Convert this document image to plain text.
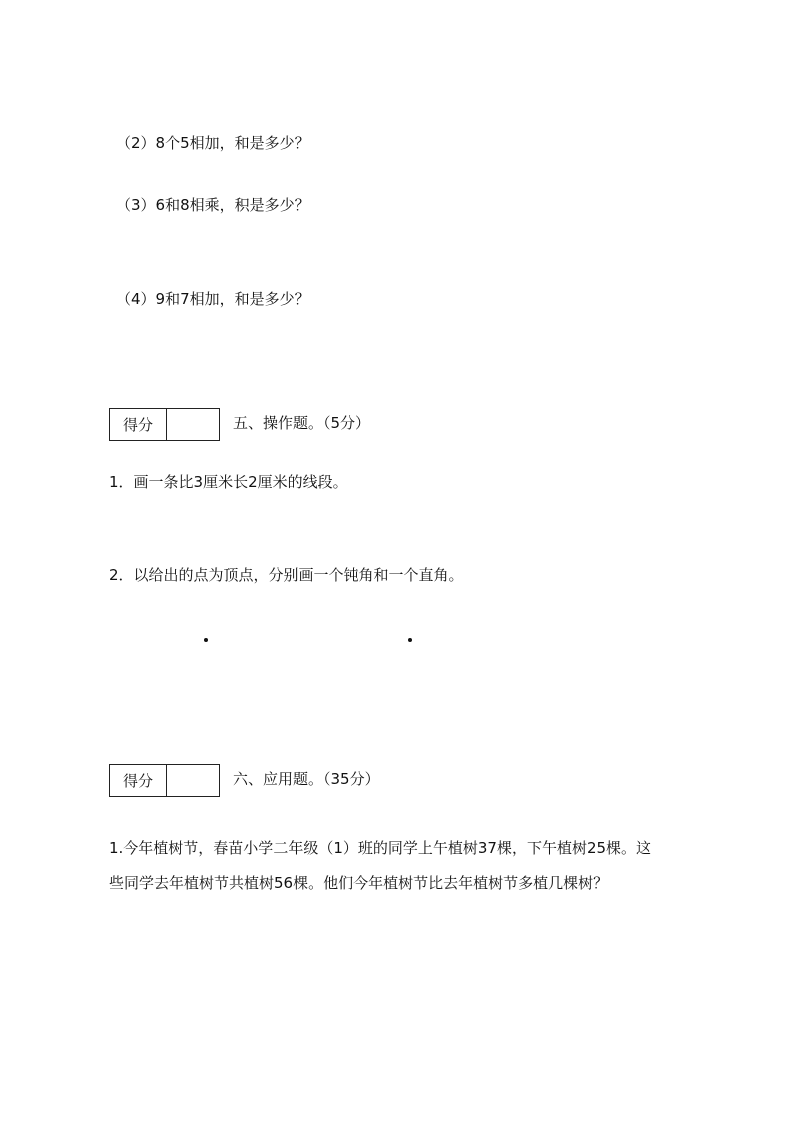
（2）8个5相加，和是多少？
（3）6和8相乘，积是多少？
（4）9和7相加，和是多少？
得分	五、操作题。（5分）
1．画一条比3厘米长2厘米的线段。
2．以给出的点为顶点，分别画一个钝角和一个直角。
得分	六、应用题。（35分）
1.今年植树节，春苗小学二年级（1）班的同学上午植树37棵，下午植树25棵。这
些同学去年植树节共植树56棵。他们今年植树节比去年植树节多植几棵树？
